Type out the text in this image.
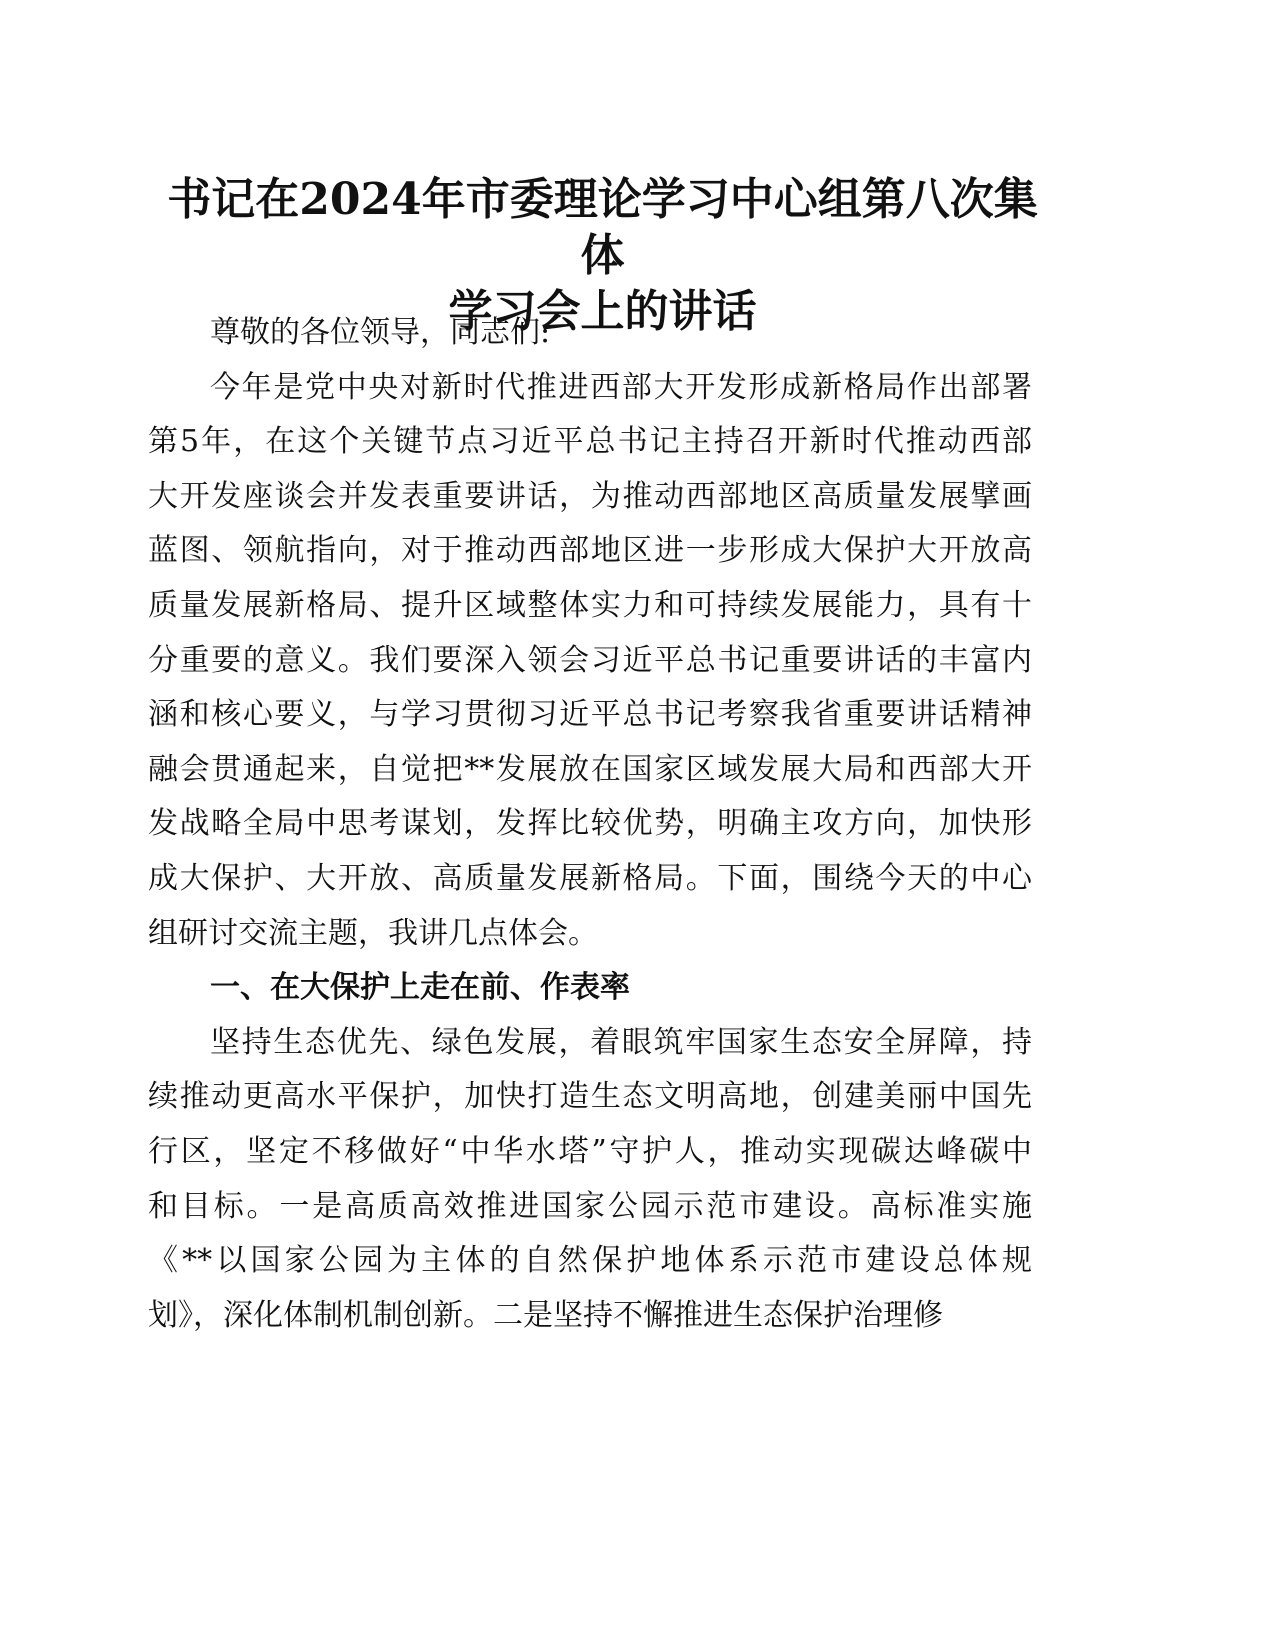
书记在2024年市委理论学习中心组第八次集体
学习会上的讲话
尊敬的各位领导，同志们:
今年是党中央对新时代推进西部大开发形成新格局作出部署
第5年，在这个关键节点习近平总书记主持召开新时代推动西部
大开发座谈会并发表重要讲话，为推动西部地区高质量发展擘画
蓝图、领航指向，对于推动西部地区进一步形成大保护大开放高
质量发展新格局、提升区域整体实力和可持续发展能力，具有十
分重要的意义。我们要深入领会习近平总书记重要讲话的丰富内
涵和核心要义，与学习贯彻习近平总书记考察我省重要讲话精神
融会贯通起来，自觉把**发展放在国家区域发展大局和西部大开
发战略全局中思考谋划，发挥比较优势，明确主攻方向，加快形
成大保护、大开放、高质量发展新格局。下面，围绕今天的中心
组研讨交流主题，我讲几点体会。
一、在大保护上走在前、作表率
坚持生态优先、绿色发展，着眼筑牢国家生态安全屏障，持
续推动更高水平保护，加快打造生态文明高地，创建美丽中国先
行区，坚定不移做好“中华水塔”守护人，推动实现碳达峰碳中
和目标。一是高质高效推进国家公园示范市建设。高标准实施
《**以国家公园为主体的自然保护地体系示范市建设总体规
划》，深化体制机制创新。二是坚持不懈推进生态保护治理修
